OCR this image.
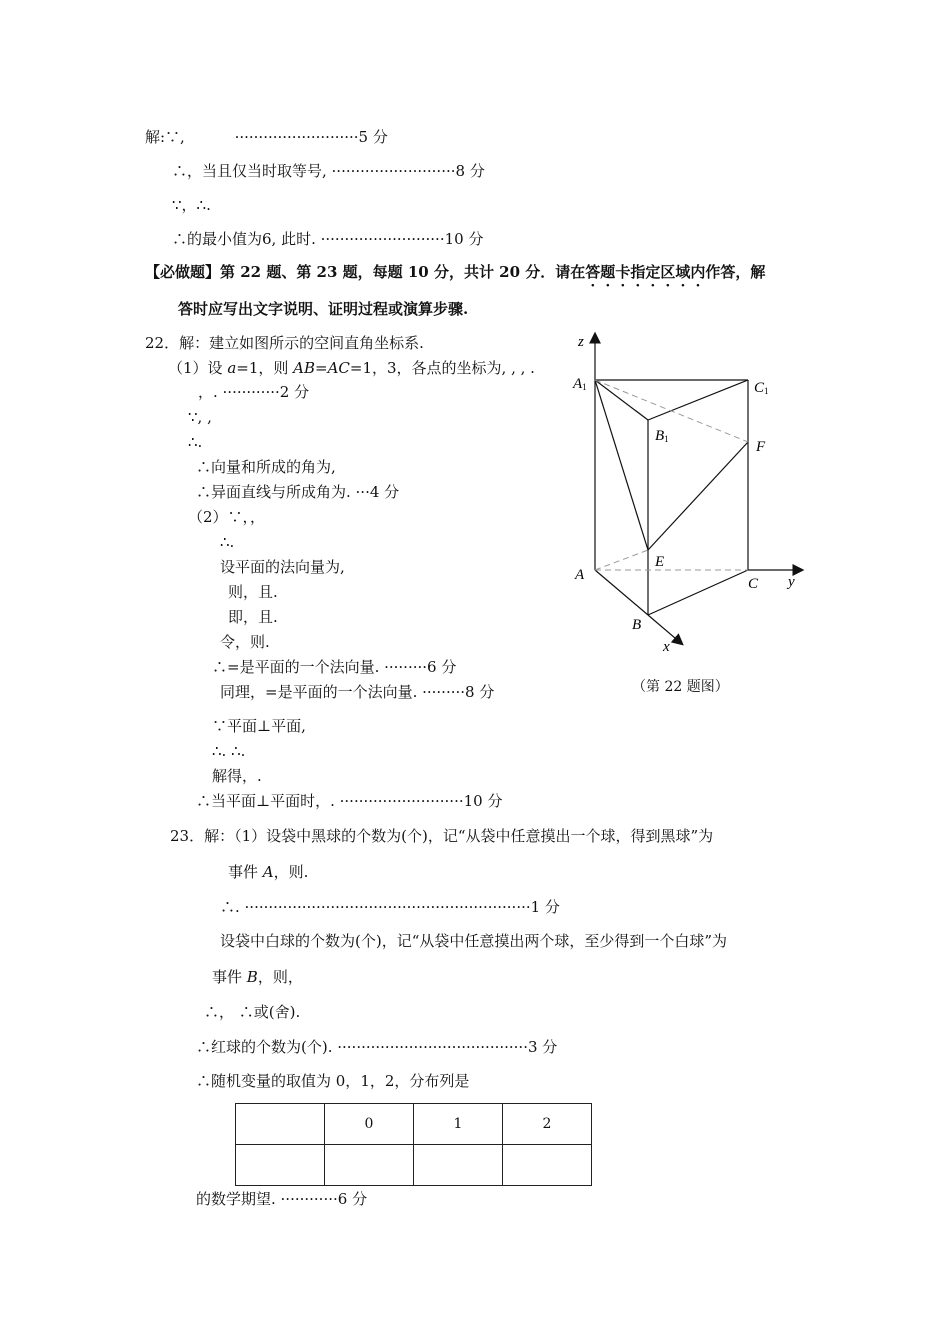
解:∵,　　　 ··························5 分
∴，当且仅当时取等号, ··························8 分
∵，∴.
∴的最小值为6, 此时. ··························10 分
【必做题】第 22 题、第 23 题，每题 10 分，共计 20 分．请在答题卡指定区域内作答，解
答时应写出文字说明、证明过程或演算步骤.
22．解：建立如图所示的空间直角坐标系.
（1）设 a=1，则 AB=AC=1，3，各点的坐标为, , , .
，. ············2 分
∵, ,
∴.
∴向量和所成的角为,
∴异面直线与所成角为. ···4 分
（2）∵，，
∴.
设平面的法向量为,
则，且.
即，且.
令，则.
∴=是平面的一个法向量. ·········6 分
同理，=是平面的一个法向量. ·········8 分
∵平面⊥平面,
∴. ∴.
解得，.
∴当平面⊥平面时，. ··························10 分
23．解：（1）设袋中黑球的个数为(个)，记“从袋中任意摸出一个球，得到黑球”为
事件 A，则.
∴. ····························································1 分
设袋中白球的个数为(个)，记“从袋中任意摸出两个球，至少得到一个白球”为
事件 B，则，
∴， ∴或(舍).
∴红球的个数为(个). ········································3 分
∴随机变量的取值为 0，1，2，分布列是
	0	1	2

的数学期望. ············6 分
z
A1	C1
B1	F
E
A
C y
B
x
（第 22 题图）
